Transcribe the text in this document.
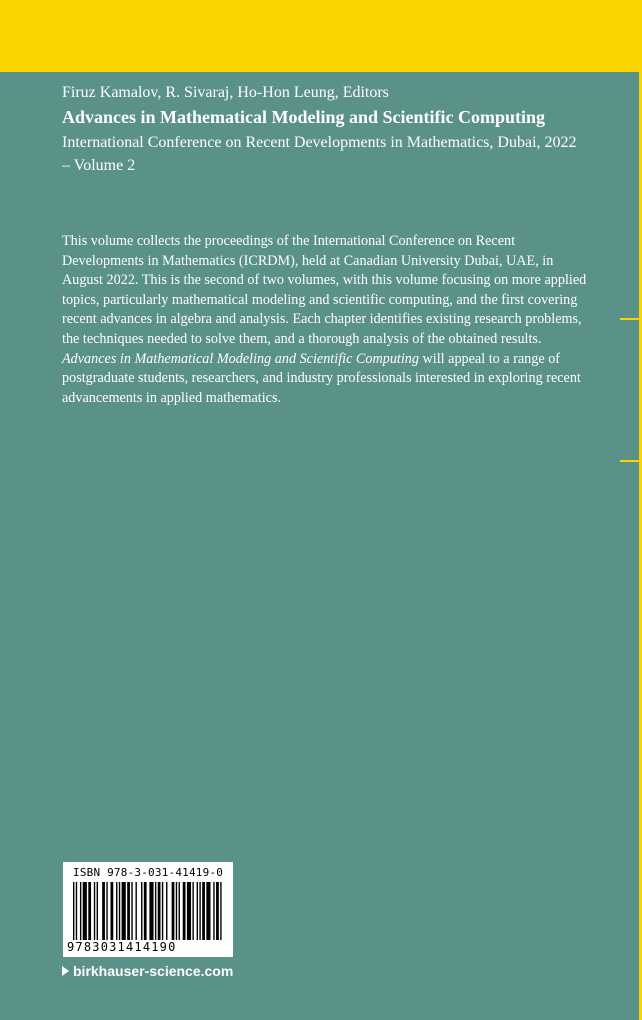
Firuz Kamalov, R. Sivaraj, Ho-Hon Leung, Editors
Advances in Mathematical Modeling and Scientific Computing
International Conference on Recent Developments in Mathematics, Dubai, 2022 – Volume 2
This volume collects the proceedings of the International Conference on Recent Developments in Mathematics (ICRDM), held at Canadian University Dubai, UAE, in August 2022. This is the second of two volumes, with this volume focusing on more applied topics, particularly mathematical modeling and scientific computing, and the first covering recent advances in algebra and analysis. Each chapter identifies existing research problems, the techniques needed to solve them, and a thorough analysis of the obtained results. Advances in Mathematical Modeling and Scientific Computing will appeal to a range of postgraduate students, researchers, and industry professionals interested in exploring recent advancements in applied mathematics.
ISBN 978-3-031-41419-0
9783031414190
birkhauser-science.com
